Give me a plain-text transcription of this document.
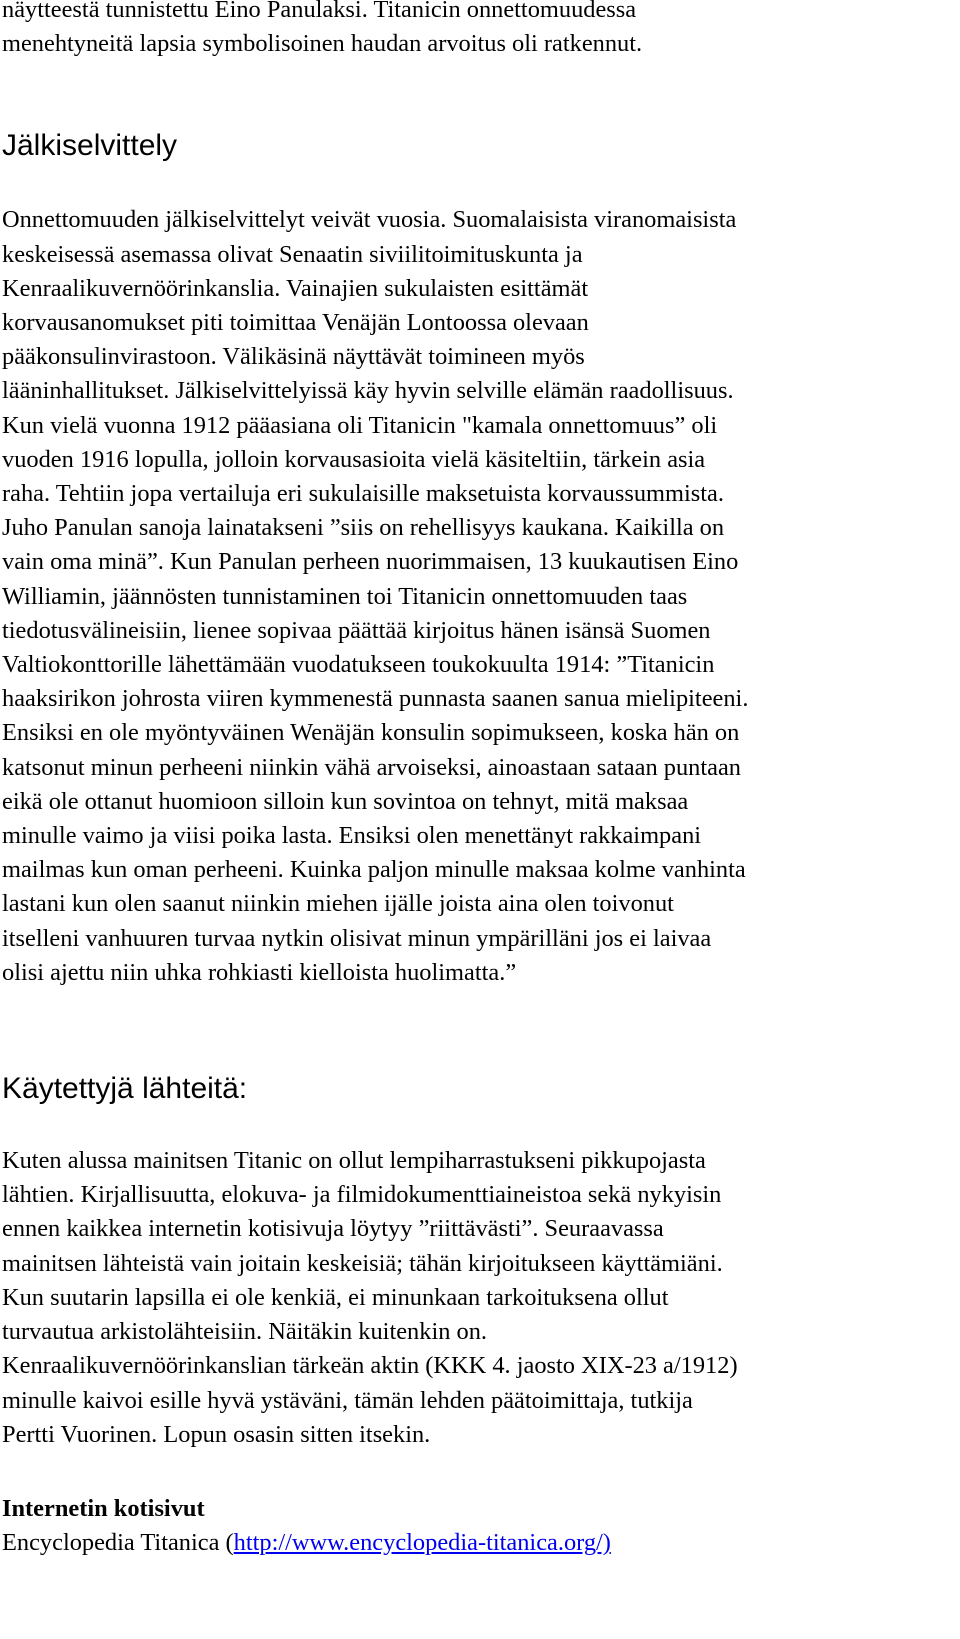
näytteestä tunnistettu Eino Panulaksi. Titanicin onnettomuudessa
menehtyneitä lapsia symbolisoinen haudan arvoitus oli ratkennut.

Jälkiselvittely

Onnettomuuden jälkiselvittelyt veivät vuosia. Suomalaisista viranomaisista
keskeisessä asemassa olivat Senaatin siviilitoimituskunta ja
Kenraalikuvernöörinkanslia. Vainajien sukulaisten esittämät
korvausanomukset piti toimittaa Venäjän Lontoossa olevaan
pääkonsulinvirastoon. Välikäsinä näyttävät toimineen myös
lääninhallitukset. Jälkiselvittelyissä käy hyvin selville elämän raadollisuus.
Kun vielä vuonna 1912 pääasiana oli Titanicin "kamala onnettomuus” oli
vuoden 1916 lopulla, jolloin korvausasioita vielä käsiteltiin, tärkein asia
raha. Tehtiin jopa vertailuja eri sukulaisille maksetuista korvaussummista.
Juho Panulan sanoja lainatakseni ”siis on rehellisyys kaukana. Kaikilla on
vain oma minä”. Kun Panulan perheen nuorimmaisen, 13 kuukautisen Eino
Williamin, jäännösten tunnistaminen toi Titanicin onnettomuuden taas
tiedotusvälineisiin, lienee sopivaa päättää kirjoitus hänen isänsä Suomen
Valtiokonttorille lähettämään vuodatukseen toukokuulta 1914: ”Titanicin
haaksirikon johrosta viiren kymmenestä punnasta saanen sanua mielipiteeni.
Ensiksi en ole myöntyväinen Wenäjän konsulin sopimukseen, koska hän on
katsonut minun perheeni niinkin vähä arvoiseksi, ainoastaan sataan puntaan
eikä ole ottanut huomioon silloin kun sovintoa on tehnyt, mitä maksaa
minulle vaimo ja viisi poika lasta. Ensiksi olen menettänyt rakkaimpani
mailmas kun oman perheeni. Kuinka paljon minulle maksaa kolme vanhinta
lastani kun olen saanut niinkin miehen ijälle joista aina olen toivonut
itselleni vanhuuren turvaa nytkin olisivat minun ympärilläni jos ei laivaa
olisi ajettu niin uhka rohkiasti kielloista huolimatta.”

Käytettyjä lähteitä:

Kuten alussa mainitsen Titanic on ollut lempiharrastukseni pikkupojasta
lähtien. Kirjallisuutta, elokuva- ja filmidokumenttiaineistoa sekä nykyisin
ennen kaikkea internetin kotisivuja löytyy ”riittävästi”. Seuraavassa
mainitsen lähteistä vain joitain keskeisiä; tähän kirjoitukseen käyttämiäni.
Kun suutarin lapsilla ei ole kenkiä, ei minunkaan tarkoituksena ollut
turvautua arkistolähteisiin. Näitäkin kuitenkin on.
Kenraalikuvernöörinkanslian tärkeän aktin (KKK 4. jaosto XIX-23 a/1912)
minulle kaivoi esille hyvä ystäväni, tämän lehden päätoimittaja, tutkija
Pertti Vuorinen. Lopun osasin sitten itsekin.

Internetin kotisivut

Encyclopedia Titanica (http://www.encyclopedia-titanica.org/)
